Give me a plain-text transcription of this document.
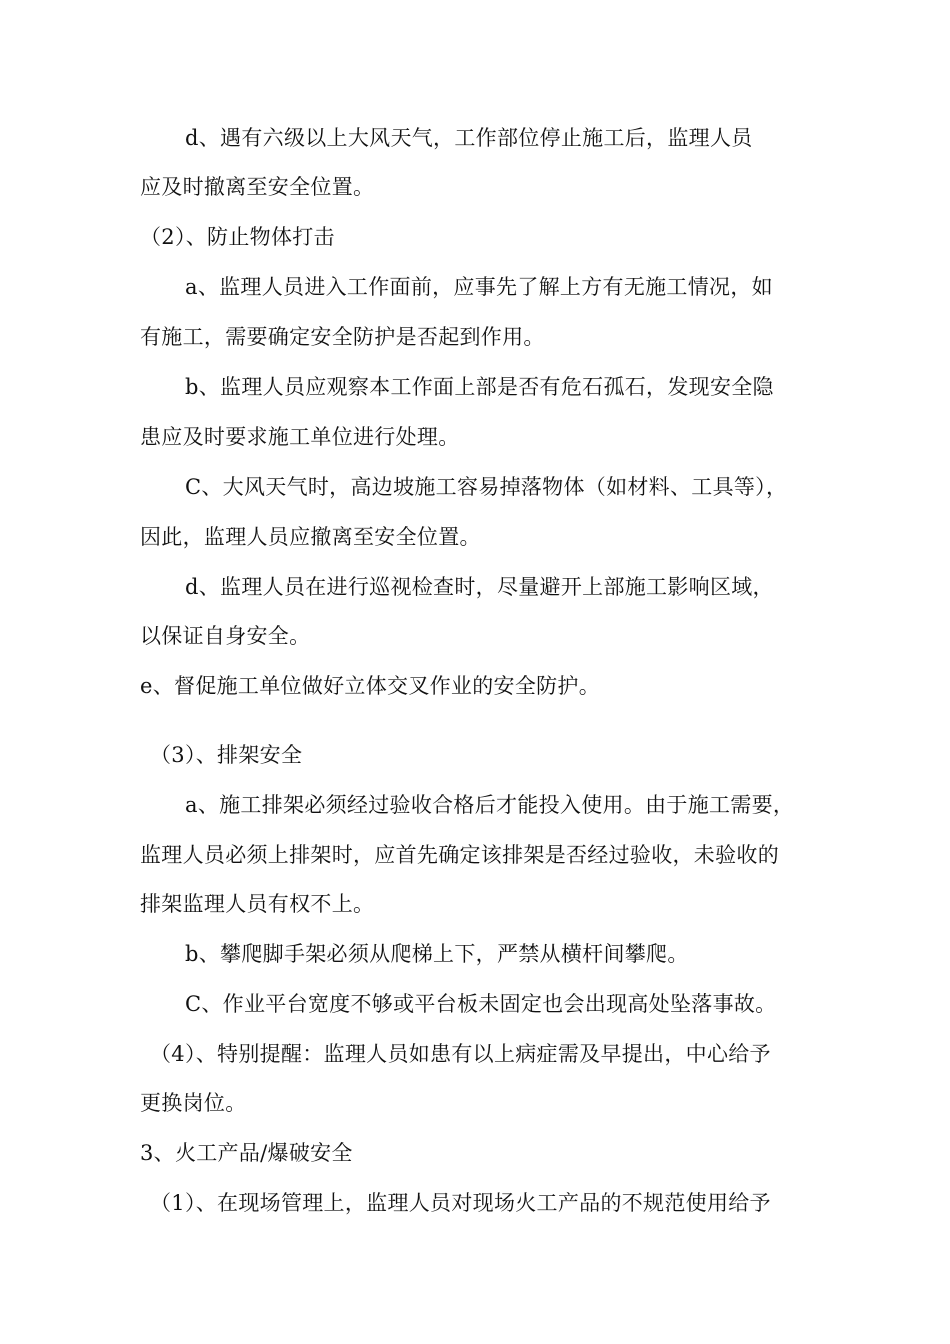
d、遇有六级以上大风天气，工作部位停止施工后，监理人员
应及时撤离至安全位置。
（2）、防止物体打击
a、监理人员进入工作面前，应事先了解上方有无施工情况，如
有施工，需要确定安全防护是否起到作用。
b、监理人员应观察本工作面上部是否有危石孤石，发现安全隐
患应及时要求施工单位进行处理。
C、大风天气时，高边坡施工容易掉落物体（如材料、工具等），
因此，监理人员应撤离至安全位置。
d、监理人员在进行巡视检查时，尽量避开上部施工影响区域，
以保证自身安全。
e、督促施工单位做好立体交叉作业的安全防护。
（3）、排架安全
a、施工排架必须经过验收合格后才能投入使用。由于施工需要，
监理人员必须上排架时，应首先确定该排架是否经过验收，未验收的
排架监理人员有权不上。
b、攀爬脚手架必须从爬梯上下，严禁从横杆间攀爬。
C、作业平台宽度不够或平台板未固定也会出现高处坠落事故。
（4）、特别提醒：监理人员如患有以上病症需及早提出，中心给予
更换岗位。
3、火工产品/爆破安全
（1）、在现场管理上，监理人员对现场火工产品的不规范使用给予
